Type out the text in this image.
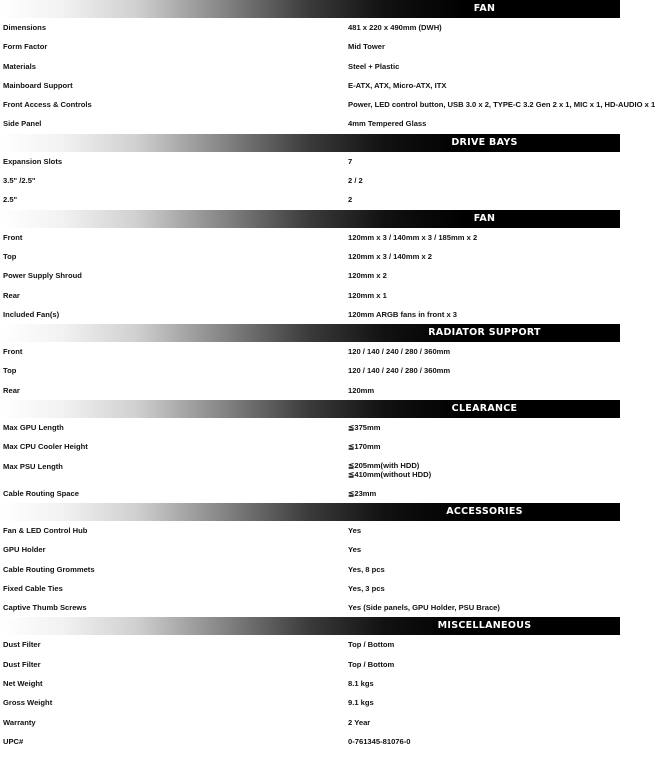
FAN
Dimensions	481 x 220 x 490mm (DWH)
Form Factor	Mid Tower
Materials	Steel + Plastic
Mainboard Support	E-ATX, ATX, Micro-ATX, ITX
Front Access & Controls	Power, LED control button, USB 3.0 x 2, TYPE-C 3.2 Gen 2 x 1, MIC x 1, HD-AUDIO x 1
Side Panel	4mm Tempered Glass
DRIVE BAYS
Expansion Slots	7
3.5" /2.5"	2 / 2
2.5"	2
FAN
Front	120mm x 3 / 140mm x 3 / 185mm x 2
Top	120mm x 3 / 140mm x 2
Power Supply Shroud	120mm x 2
Rear	120mm x 1
Included Fan(s)	120mm ARGB fans in front x 3
RADIATOR SUPPORT
Front	120 / 140 / 240 / 280 / 360mm
Top	120 / 140 / 240 / 280 / 360mm
Rear	120mm
CLEARANCE
Max GPU Length	≦375mm
Max CPU Cooler Height	≦170mm
Max PSU Length	≦205mm(with HDD)
≦410mm(without HDD)
Cable Routing Space	≦23mm
ACCESSORIES
Fan & LED Control Hub	Yes
GPU Holder	Yes
Cable Routing Grommets	Yes, 8 pcs
Fixed Cable Ties	Yes, 3 pcs
Captive Thumb Screws	Yes (Side panels, GPU Holder, PSU Brace)
MISCELLANEOUS
Dust Filter	Top / Bottom
Dust Filter	Top / Bottom
Net Weight	8.1 kgs
Gross Weight	9.1 kgs
Warranty	2 Year
UPC#	0-761345-81076-0
